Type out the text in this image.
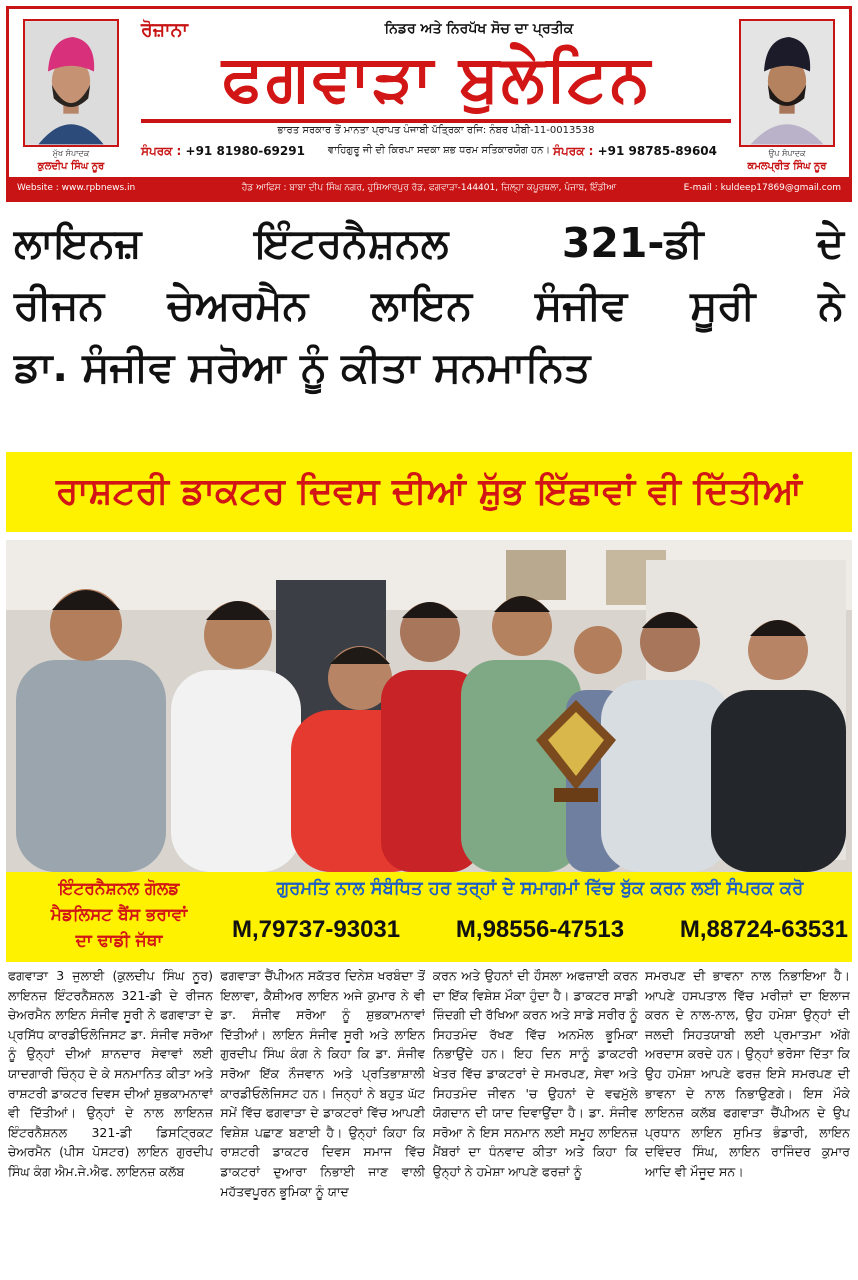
ਮੁੱਖ ਸੰਪਾਦਕ
ਕੁਲਦੀਪ ਸਿੰਘ ਨੂਰ
ਉਪ ਸੰਪਾਦਕ
ਕਮਲਪ੍ਰੀਤ ਸਿੰਘ ਨੂਰ
ਰੋਜ਼ਾਨਾ	ਨਿਡਰ ਅਤੇ ਨਿਰਪੱਖ ਸੋਚ ਦਾ ਪ੍ਰਤੀਕ
ਫਗਵਾੜਾ ਬੁਲੇਟਿਨ
ਭਾਰਤ ਸਰਕਾਰ ਤੋਂ ਮਾਨਤਾ ਪ੍ਰਾਪਤ ਪੰਜਾਬੀ ਪੱਤ੍ਰਿਕਾ ਰਜਿ: ਨੰਬਰ ਪੀਬੀ-11-0013538
ਸੰਪਰਕ : +91 81980-69291	ਵਾਹਿਗੁਰੂ ਜੀ ਦੀ ਕਿਰਪਾ ਸਦਕਾ ਸ਼ਭ ਧਰਮ ਸਤਿਕਾਰਯੋਗ ਹਨ। ਸੰਪਰਕ : +91 98785-89604
Website : www.rpbnews.in	ਹੈਡ ਆਫਿਸ : ਬਾਬਾ ਦੀਪ ਸਿੰਘ ਨਗਰ, ਹੁਸ਼ਿਆਰਪੁਰ ਰੋਡ, ਫਗਵਾੜਾ-144401, ਜ਼ਿਲ੍ਹਾ ਕਪੂਰਥਲਾ, ਪੰਜਾਬ, ਇੰਡੀਆ	E-mail : kuldeep17869@gmail.com
ਲਾਇਨਜ਼ ਇੰਟਰਨੈਸ਼ਨਲ 321-ਡੀ ਦੇ
ਰੀਜਨ ਚੇਅਰਮੈਨ ਲਾਇਨ ਸੰਜੀਵ ਸੂਰੀ ਨੇ
ਡਾ. ਸੰਜੀਵ ਸਰੋਆ ਨੂੰ ਕੀਤਾ ਸਨਮਾਨਿਤ
ਰਾਸ਼ਟਰੀ ਡਾਕਟਰ ਦਿਵਸ ਦੀਆਂ ਸ਼ੁੱਭ ਇੱਛਾਵਾਂ ਵੀ ਦਿੱਤੀਆਂ
ਇੰਟਰਨੈਸ਼ਨਲ ਗੋਲਡ
ਮੈਡਲਿਸਟ ਬੈਂਸ ਭਰਾਵਾਂ
ਦਾ ਢਾਡੀ ਜੱਥਾ
ਗੁਰਮਤਿ ਨਾਲ ਸੰਬੰਧਿਤ ਹਰ ਤਰ੍ਹਾਂ ਦੇ ਸਮਾਗਮਾਂ ਵਿੱਚ ਬੁੱਕ ਕਰਨ ਲਈ ਸੰਪਰਕ ਕਰੋ
M,79737-93031 M,98556-47513 M,88724-63531
ਫਗਵਾੜਾ 3 ਜੁਲਾਈ (ਕੁਲਦੀਪ ਸਿੰਘ ਨੂਰ) ਲਾਇਨਜ਼ ਇੰਟਰਨੈਸ਼ਨਲ 321-ਡੀ ਦੇ ਰੀਜਨ ਚੇਅਰਮੈਨ ਲਾਇਨ ਸੰਜੀਵ ਸੂਰੀ ਨੇ ਫਗਵਾੜਾ ਦੇ ਪ੍ਰਸਿੱਧ ਕਾਰਡੀਓਲੋਜਿਸਟ ਡਾ. ਸੰਜੀਵ ਸਰੋਆ ਨੂੰ ਉਨ੍ਹਾਂ ਦੀਆਂ ਸ਼ਾਨਦਾਰ ਸੇਵਾਵਾਂ ਲਈ ਯਾਦਗਾਰੀ ਚਿੰਨ੍ਹ ਦੇ ਕੇ ਸਨਮਾਨਿਤ ਕੀਤਾ ਅਤੇ ਰਾਸ਼ਟਰੀ ਡਾਕਟਰ ਦਿਵਸ ਦੀਆਂ ਸ਼ੁਭਕਾਮਨਾਵਾਂ ਵੀ ਦਿੱਤੀਆਂ। ਉਨ੍ਹਾਂ ਦੇ ਨਾਲ ਲਾਇਨਜ਼ ਇੰਟਰਨੈਸ਼ਨਲ 321-ਡੀ ਡਿਸਟ੍ਰਿਕਟ ਚੇਅਰਮੈਨ (ਪੀਸ ਪੋਸਟਰ) ਲਾਇਨ ਗੁਰਦੀਪ ਸਿੰਘ ਕੰਗ ਐਮ.ਜੇ.ਐਫ. ਲਾਇਨਜ਼ ਕਲੱਬ
ਫਗਵਾੜਾ ਚੈਂਪੀਅਨ ਸਕੱਤਰ ਦਿਨੇਸ਼ ਖਰਬੰਦਾ ਤੋਂ ਇਲਾਵਾ, ਕੈਸ਼ੀਅਰ ਲਾਇਨ ਅਜੇ ਕੁਮਾਰ ਨੇ ਵੀ ਡਾ. ਸੰਜੀਵ ਸਰੋਆ ਨੂੰ ਸ਼ੁਭਕਾਮਨਾਵਾਂ ਦਿੱਤੀਆਂ। ਲਾਇਨ ਸੰਜੀਵ ਸੂਰੀ ਅਤੇ ਲਾਇਨ ਗੁਰਦੀਪ ਸਿੰਘ ਕੰਗ ਨੇ ਕਿਹਾ ਕਿ ਡਾ. ਸੰਜੀਵ ਸਰੋਆ ਇੱਕ ਨੌਜਵਾਨ ਅਤੇ ਪ੍ਰਤਿਭਾਸ਼ਾਲੀ ਕਾਰਡੀਓਲੋਜਿਸਟ ਹਨ। ਜਿਨ੍ਹਾਂ ਨੇ ਬਹੁਤ ਘੱਟ ਸਮੇਂ ਵਿੱਚ ਫਗਵਾੜਾ ਦੇ ਡਾਕਟਰਾਂ ਵਿੱਚ ਆਪਣੀ ਵਿਸ਼ੇਸ਼ ਪਛਾਣ ਬਣਾਈ ਹੈ। ਉਨ੍ਹਾਂ ਕਿਹਾ ਕਿ ਰਾਸ਼ਟਰੀ ਡਾਕਟਰ ਦਿਵਸ ਸਮਾਜ ਵਿੱਚ ਡਾਕਟਰਾਂ ਦੁਆਰਾ ਨਿਭਾਈ ਜਾਣ ਵਾਲੀ ਮਹੱਤਵਪੂਰਨ ਭੂਮਿਕਾ ਨੂੰ ਯਾਦ
ਕਰਨ ਅਤੇ ਉਹਨਾਂ ਦੀ ਹੌਸਲਾ ਅਫਜ਼ਾਈ ਕਰਨ ਦਾ ਇੱਕ ਵਿਸ਼ੇਸ਼ ਮੌਕਾ ਹੁੰਦਾ ਹੈ। ਡਾਕਟਰ ਸਾਡੀ ਜ਼ਿੰਦਗੀ ਦੀ ਰੱਖਿਆ ਕਰਨ ਅਤੇ ਸਾਡੇ ਸਰੀਰ ਨੂੰ ਸਿਹਤਮੰਦ ਰੱਖਣ ਵਿੱਚ ਅਨਮੋਲ ਭੂਮਿਕਾ ਨਿਭਾਉਂਦੇ ਹਨ। ਇਹ ਦਿਨ ਸਾਨੂੰ ਡਾਕਟਰੀ ਖੇਤਰ ਵਿੱਚ ਡਾਕਟਰਾਂ ਦੇ ਸਮਰਪਣ, ਸੇਵਾ ਅਤੇ ਸਿਹਤਮੰਦ ਜੀਵਨ 'ਚ ਉਹਨਾਂ ਦੇ ਵਢਮੁੱਲੇ ਯੋਗਦਾਨ ਦੀ ਯਾਦ ਦਿਵਾਉਂਦਾ ਹੈ। ਡਾ. ਸੰਜੀਵ ਸਰੋਆ ਨੇ ਇਸ ਸਨਮਾਨ ਲਈ ਸਮੂਹ ਲਾਇਨਜ਼ ਮੈਂਬਰਾਂ ਦਾ ਧੰਨਵਾਦ ਕੀਤਾ ਅਤੇ ਕਿਹਾ ਕਿ ਉਨ੍ਹਾਂ ਨੇ ਹਮੇਸ਼ਾ ਆਪਣੇ ਫਰਜ਼ਾਂ ਨੂੰ
ਸਮਰਪਣ ਦੀ ਭਾਵਨਾ ਨਾਲ ਨਿਭਾਇਆ ਹੈ। ਆਪਣੇ ਹਸਪਤਾਲ ਵਿੱਚ ਮਰੀਜ਼ਾਂ ਦਾ ਇਲਾਜ ਕਰਨ ਦੇ ਨਾਲ-ਨਾਲ, ਉਹ ਹਮੇਸ਼ਾ ਉਨ੍ਹਾਂ ਦੀ ਜਲਦੀ ਸਿਹਤਯਾਬੀ ਲਈ ਪ੍ਰਮਾਤਮਾ ਅੱਗੇ ਅਰਦਾਸ ਕਰਦੇ ਹਨ। ਉਨ੍ਹਾਂ ਭਰੋਸਾ ਦਿੱਤਾ ਕਿ ਉਹ ਹਮੇਸ਼ਾ ਆਪਣੇ ਫਰਜ਼ ਇਸੇ ਸਮਰਪਣ ਦੀ ਭਾਵਨਾ ਦੇ ਨਾਲ ਨਿਭਾਉਣਗੇ। ਇਸ ਮੌਕੇ ਲਾਇਨਜ਼ ਕਲੱਬ ਫਗਵਾੜਾ ਚੈਂਪੀਅਨ ਦੇ ਉਪ ਪ੍ਰਧਾਨ ਲਾਇਨ ਸੁਮਿਤ ਭੰਡਾਰੀ, ਲਾਇਨ ਦਵਿੰਦਰ ਸਿੰਘ, ਲਾਇਨ ਰਾਜਿੰਦਰ ਕੁਮਾਰ ਆਦਿ ਵੀ ਮੌਜੂਦ ਸਨ।
